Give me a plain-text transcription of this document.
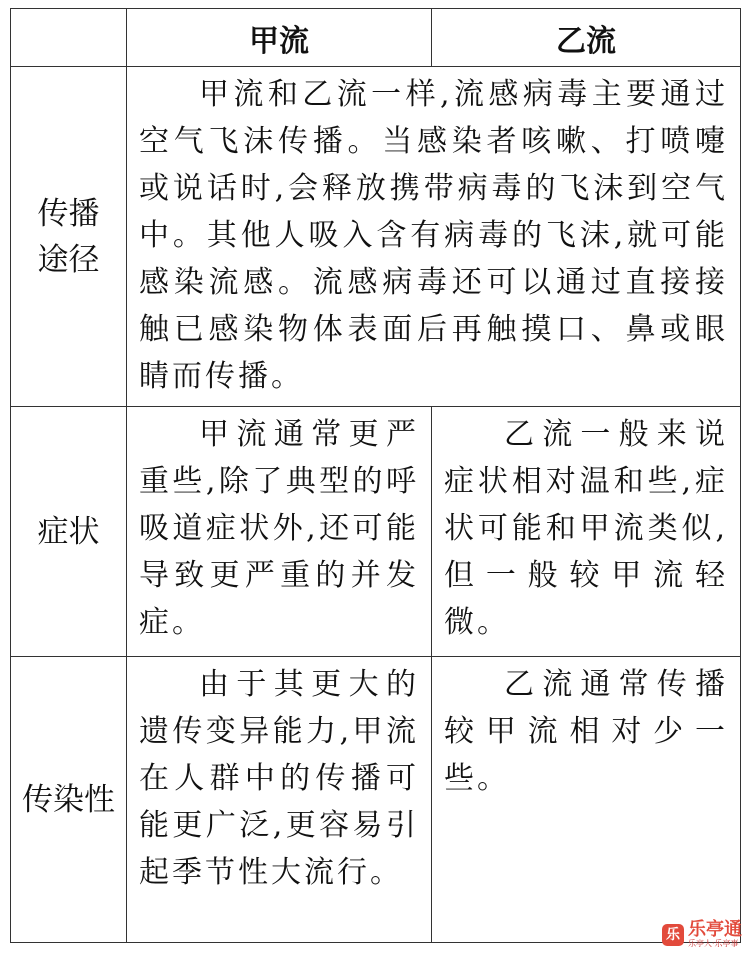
	甲流	乙流

传播
途径	甲流和乙流一样,流感病毒主要通过空气飞沫传播。当感染者咳嗽、打喷嚏或说话时,会释放携带病毒的飞沫到空气中。其他人吸入含有病毒的飞沫,就可能感染流感。流感病毒还可以通过直接接触已感染物体表面后再触摸口、鼻或眼睛而传播。	

症状	甲流通常更严重些,除了典型的呼吸道症状外,还可能导致更严重的并发症。	乙流一般来说症状相对温和些,症状可能和甲流类似,但一般较甲流轻微。

传染性	由于其更大的遗传变异能力,甲流在人群中的传播可能更广泛,更容易引起季节性大流行。	乙流通常传播较甲流相对少一些。
乐 乐亭通
乐亭人·乐亭事
